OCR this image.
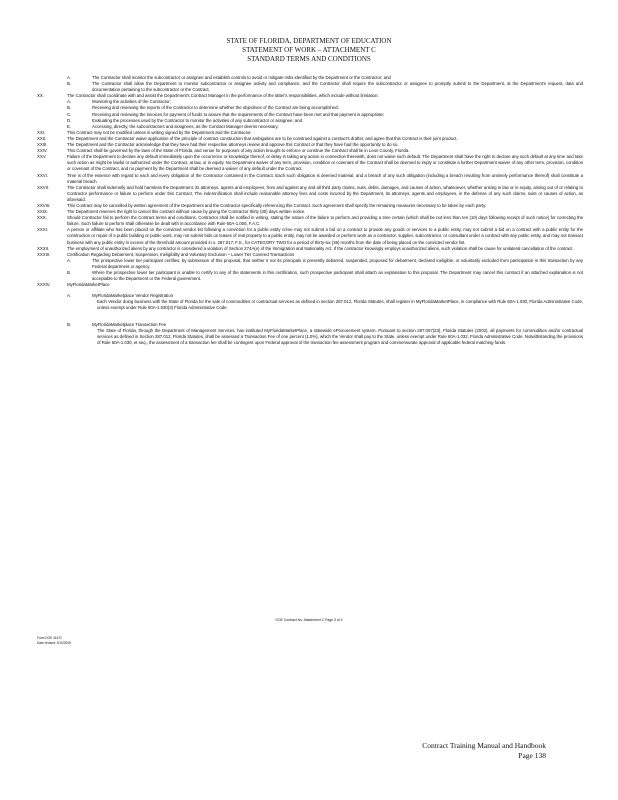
STATE OF FLORIDA, DEPARTMENT OF EDUCATION
STATEMENT OF WORK – ATTACHMENT C
STANDARD TERMS AND CONDITIONS
A.	The Contractor shall monitor the subcontractor or assignee and establish controls to avoid or mitigate risks identified by the Department or the Contractor; and
B.	The Contractor shall allow the Department to monitor subcontractor or assignee activity and compliance, and the Contractor shall require the subcontractor or assignee to promptly submit to the Department, at the Department's request, data and documentation pertaining to the subcontractor or the Contract.
XX.	The Contractor shall coordinate with and assist the Department's Contract Manager in the performance of the latter's responsibilities, which include without limitation:
A.	Monitoring the activities of the Contractor;
B.	Receiving and reviewing the reports of the Contractor to determine whether the objectives of the Contract are being accomplished;
C.	Receiving and reviewing the invoices for payment of funds to assure that the requirements of the Contract have been met and that payment is appropriate;
D.	Evaluating the processes used by the Contractor to monitor the activities of any subcontractor or assignee; and
E.	Accessing, directly, the subcontractors and assignees, as the Contract Manager deems necessary.
XXI.	This Contract may not be modified unless in writing signed by the Department and the Contractor.
XXII.	The Department and the Contractor waive application of the principle of contract construction that ambiguities are to be construed against a contract's drafter, and agree that this Contract is their joint product.
XXIII.	The Department and the Contractor acknowledge that they have had their respective attorneys review and approve this Contract or that they have had the opportunity to do so.
XXIV.	This Contract shall be governed by the laws of the State of Florida, and venue for purposes of any action brought to enforce or construe the Contract shall lie in Leon County, Florida.
XXV.	Failure of the Department to declare any default immediately upon the occurrence or knowledge thereof, or delay in taking any action in connection therewith, does not waive such default. The Department shall have the right to declare any such default at any time and take such action as might be lawful or authorized under the Contract, at law, or in equity. No Department waiver of any term, provision, condition or covenant of the Contract shall be deemed to imply or constitute a further Department waiver of any other term, provision, condition or covenant of the Contract, and no payment by the Department shall be deemed a waiver of any default under the Contract.
XXVI.	Time is of the essence with regard to each and every obligation of the Contractor contained in the Contract. Each such obligation is deemed material, and a breach of any such obligation (including a breach resulting from untimely performance thereof) shall constitute a material breach.
XXVII.	The Contractor shall indemnify and hold harmless the Department, its attorneys, agents and employees, from and against any and all third party claims, suits, debts, damages, and causes of action, whatsoever, whether arising in law or in equity, arising out of or relating to Contractor performance or failure to perform under this Contract. The indemnification shall include reasonable attorney fees and costs incurred by the Department, its attorneys, agents and employees, in the defense of any such claims, suits or causes of action, as aforesaid.
XXVIII.	This Contract may be cancelled by written agreement of the Department and the Contractor specifically referencing this Contract. Such agreement shall specify the remaining measures necessary to be taken by each party.
XXIX.	The Department reserves the right to cancel this contract without cause by giving the Contractor thirty (30) days written notice.
XXX.	Should Contractor fail to perform the Contract terms and conditions, Contractor shall be notified in writing, stating the nature of the failure to perform and providing a time certain (which shall be not less than ten (10) days following receipt of such notice) for correcting the failure. Such failure to perform shall otherwise be dealt with in accordance with Rule 60A-1.006, F.A.C.
XXXI.	A person or affiliate who has been placed on the convicted vendor list following a conviction for a public entity crime may not submit a bid on a contract to provide any goods or services to a public entity, may not submit a bid on a contract with a public entity for the construction or repair of a public building or public work, may not submit bids on leases of real property to a public entity, may not be awarded or perform work as a contractor, supplier, subcontractor, or consultant under a contract with any public entity, and may not transact business with any public entity in excess of the threshold amount provided in s. 287.017, F.S., for CATEGORY TWO for a period of thirty-six (36) months from the date of being placed on the convicted vendor list.
XXXII.	The employment of unauthorized aliens by any contractor is considered a violation of Section 274A(e) of the Immigration and Nationality Act. If the contractor knowingly employs unauthorized aliens, such violation shall be cause for unilateral cancellation of the contract.
XXXIII.	Certification Regarding Debarment, Suspension, Ineligibility and Voluntary Exclusion – Lower Tier Covered Transactions
A.	The prospective lower tier participant certifies, by submission of this proposal, that neither it nor its principals is presently debarred, suspended, proposed for debarment, declared ineligible, or voluntarily excluded from participation in this transaction by any Federal department or agency.
B.	Where the prospective lower tier participant is unable to certify to any of the statements in this certification, such prospective participant shall attach an explanation to this proposal. The Department may cancel this contract if an attached explanation is not acceptable to the Department or the Federal government.
XXXIV.	MyFloridaMarketPlace
A.	MyFloridaMarketplace Vendor Registration
Each Vendor doing business with the State of Florida for the sale of commodities or contractual services as defined in section 287.012, Florida Statutes, shall register in MyFloridaMarketPlace, in compliance with Rule 60A-1.030, Florida Administrative Code, unless exempt under Rule 60A-1.030(3) Florida Administrative Code.
B.	MyFloridaMarketplace Transaction Fee
The State of Florida, through the Department of Management Services, has instituted MyFloridaMarketPlace, a statewide eProcurement system. Pursuant to section 287.057(23), Florida Statutes (2002), all payments for commodities and/or contractual services as defined in Section 287.012, Florida Statutes, shall be assessed a Transaction Fee of one percent (1.0%), which the Vendor shall pay to the State, unless exempt under Rule 60A-1.032, Florida Administrative Code. Notwithstanding the provisions of Rule 60A-1.030, et seq., the assessment of a transaction fee shall be contingent upon Federal approval of the transaction fee assessment program and commensurate approval of applicable federal matching funds.
DOE Contract No. Attachment C Page 3 of 4
Form DOE 415 R
Date revised: 3/10/2005
Contract Training Manual and Handbook
Page 138
